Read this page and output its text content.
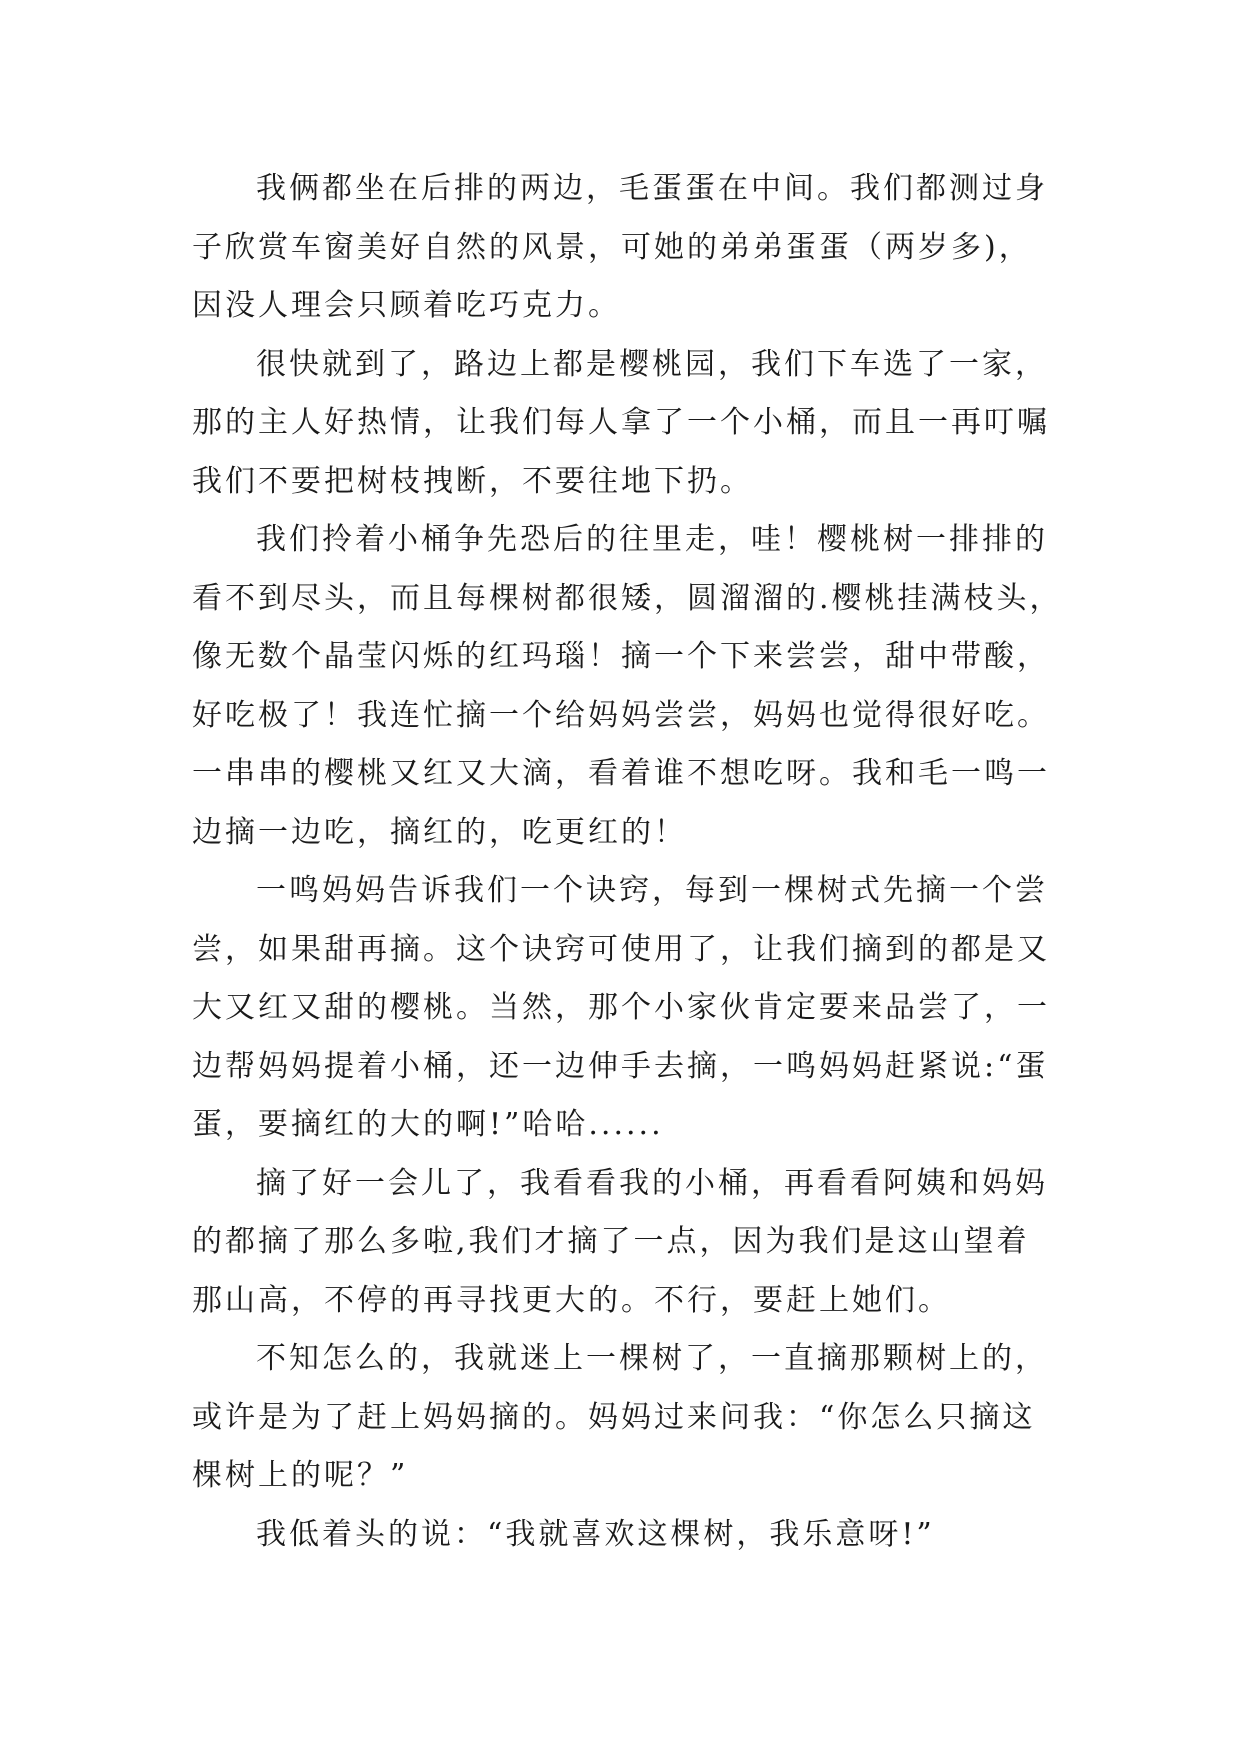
我俩都坐在后排的两边，毛蛋蛋在中间。我们都测过身
子欣赏车窗美好自然的风景，可她的弟弟蛋蛋（两岁多)，
因没人理会只顾着吃巧克力。

很快就到了，路边上都是樱桃园，我们下车选了一家，
那的主人好热情，让我们每人拿了一个小桶，而且一再叮嘱
我们不要把树枝拽断，不要往地下扔。

我们拎着小桶争先恐后的往里走，哇！樱桃树一排排的
看不到尽头，而且每棵树都很矮，圆溜溜的.樱桃挂满枝头，
像无数个晶莹闪烁的红玛瑙！摘一个下来尝尝，甜中带酸，
好吃极了！我连忙摘一个给妈妈尝尝，妈妈也觉得很好吃。
一串串的樱桃又红又大滴，看着谁不想吃呀。我和毛一鸣一
边摘一边吃，摘红的，吃更红的！

一鸣妈妈告诉我们一个诀窍，每到一棵树式先摘一个尝
尝，如果甜再摘。这个诀窍可使用了，让我们摘到的都是又
大又红又甜的樱桃。当然，那个小家伙肯定要来品尝了，一
边帮妈妈提着小桶，还一边伸手去摘，一鸣妈妈赶紧说:“蛋
蛋，要摘红的大的啊!”哈哈......

摘了好一会儿了，我看看我的小桶，再看看阿姨和妈妈
的都摘了那么多啦,我们才摘了一点，因为我们是这山望着
那山高，不停的再寻找更大的。不行，要赶上她们。

不知怎么的，我就迷上一棵树了，一直摘那颗树上的，
或许是为了赶上妈妈摘的。妈妈过来问我：“你怎么只摘这
棵树上的呢？”

我低着头的说：“我就喜欢这棵树，我乐意呀!”
